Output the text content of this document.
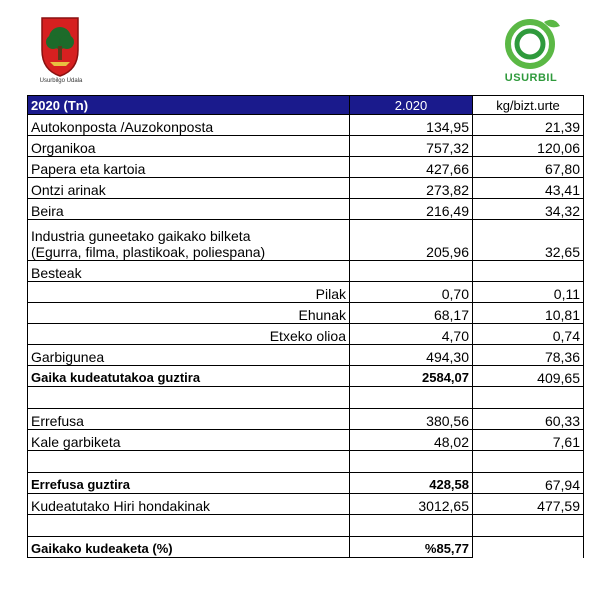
Usurbilgo Udala	USURBIL
2020 (Tn)	2.020	kg/bizt.urte
Autokonposta /Auzokonposta	134,95	21,39
Organikoa	757,32	120,06
Papera eta kartoia	427,66	67,80
Ontzi arinak	273,82	43,41
Beira	216,49	34,32

Industria guneetako gaikako bilketa
(Egurra, filma, plastikoak, poliespana)	205,96	32,65
Besteak		
Pilak	0,70	0,11
Ehunak	68,17	10,81
Etxeko olioa	4,70	0,74
Garbigunea	494,30	78,36
Gaika kudeatutakoa guztira	2584,07	409,65

Errefusa	380,56	60,33
Kale garbiketa	48,02	7,61

Errefusa guztira	428,58	67,94
Kudeatutako Hiri hondakinak	3012,65	477,59

Gaikako kudeaketa (%)	%85,77	
